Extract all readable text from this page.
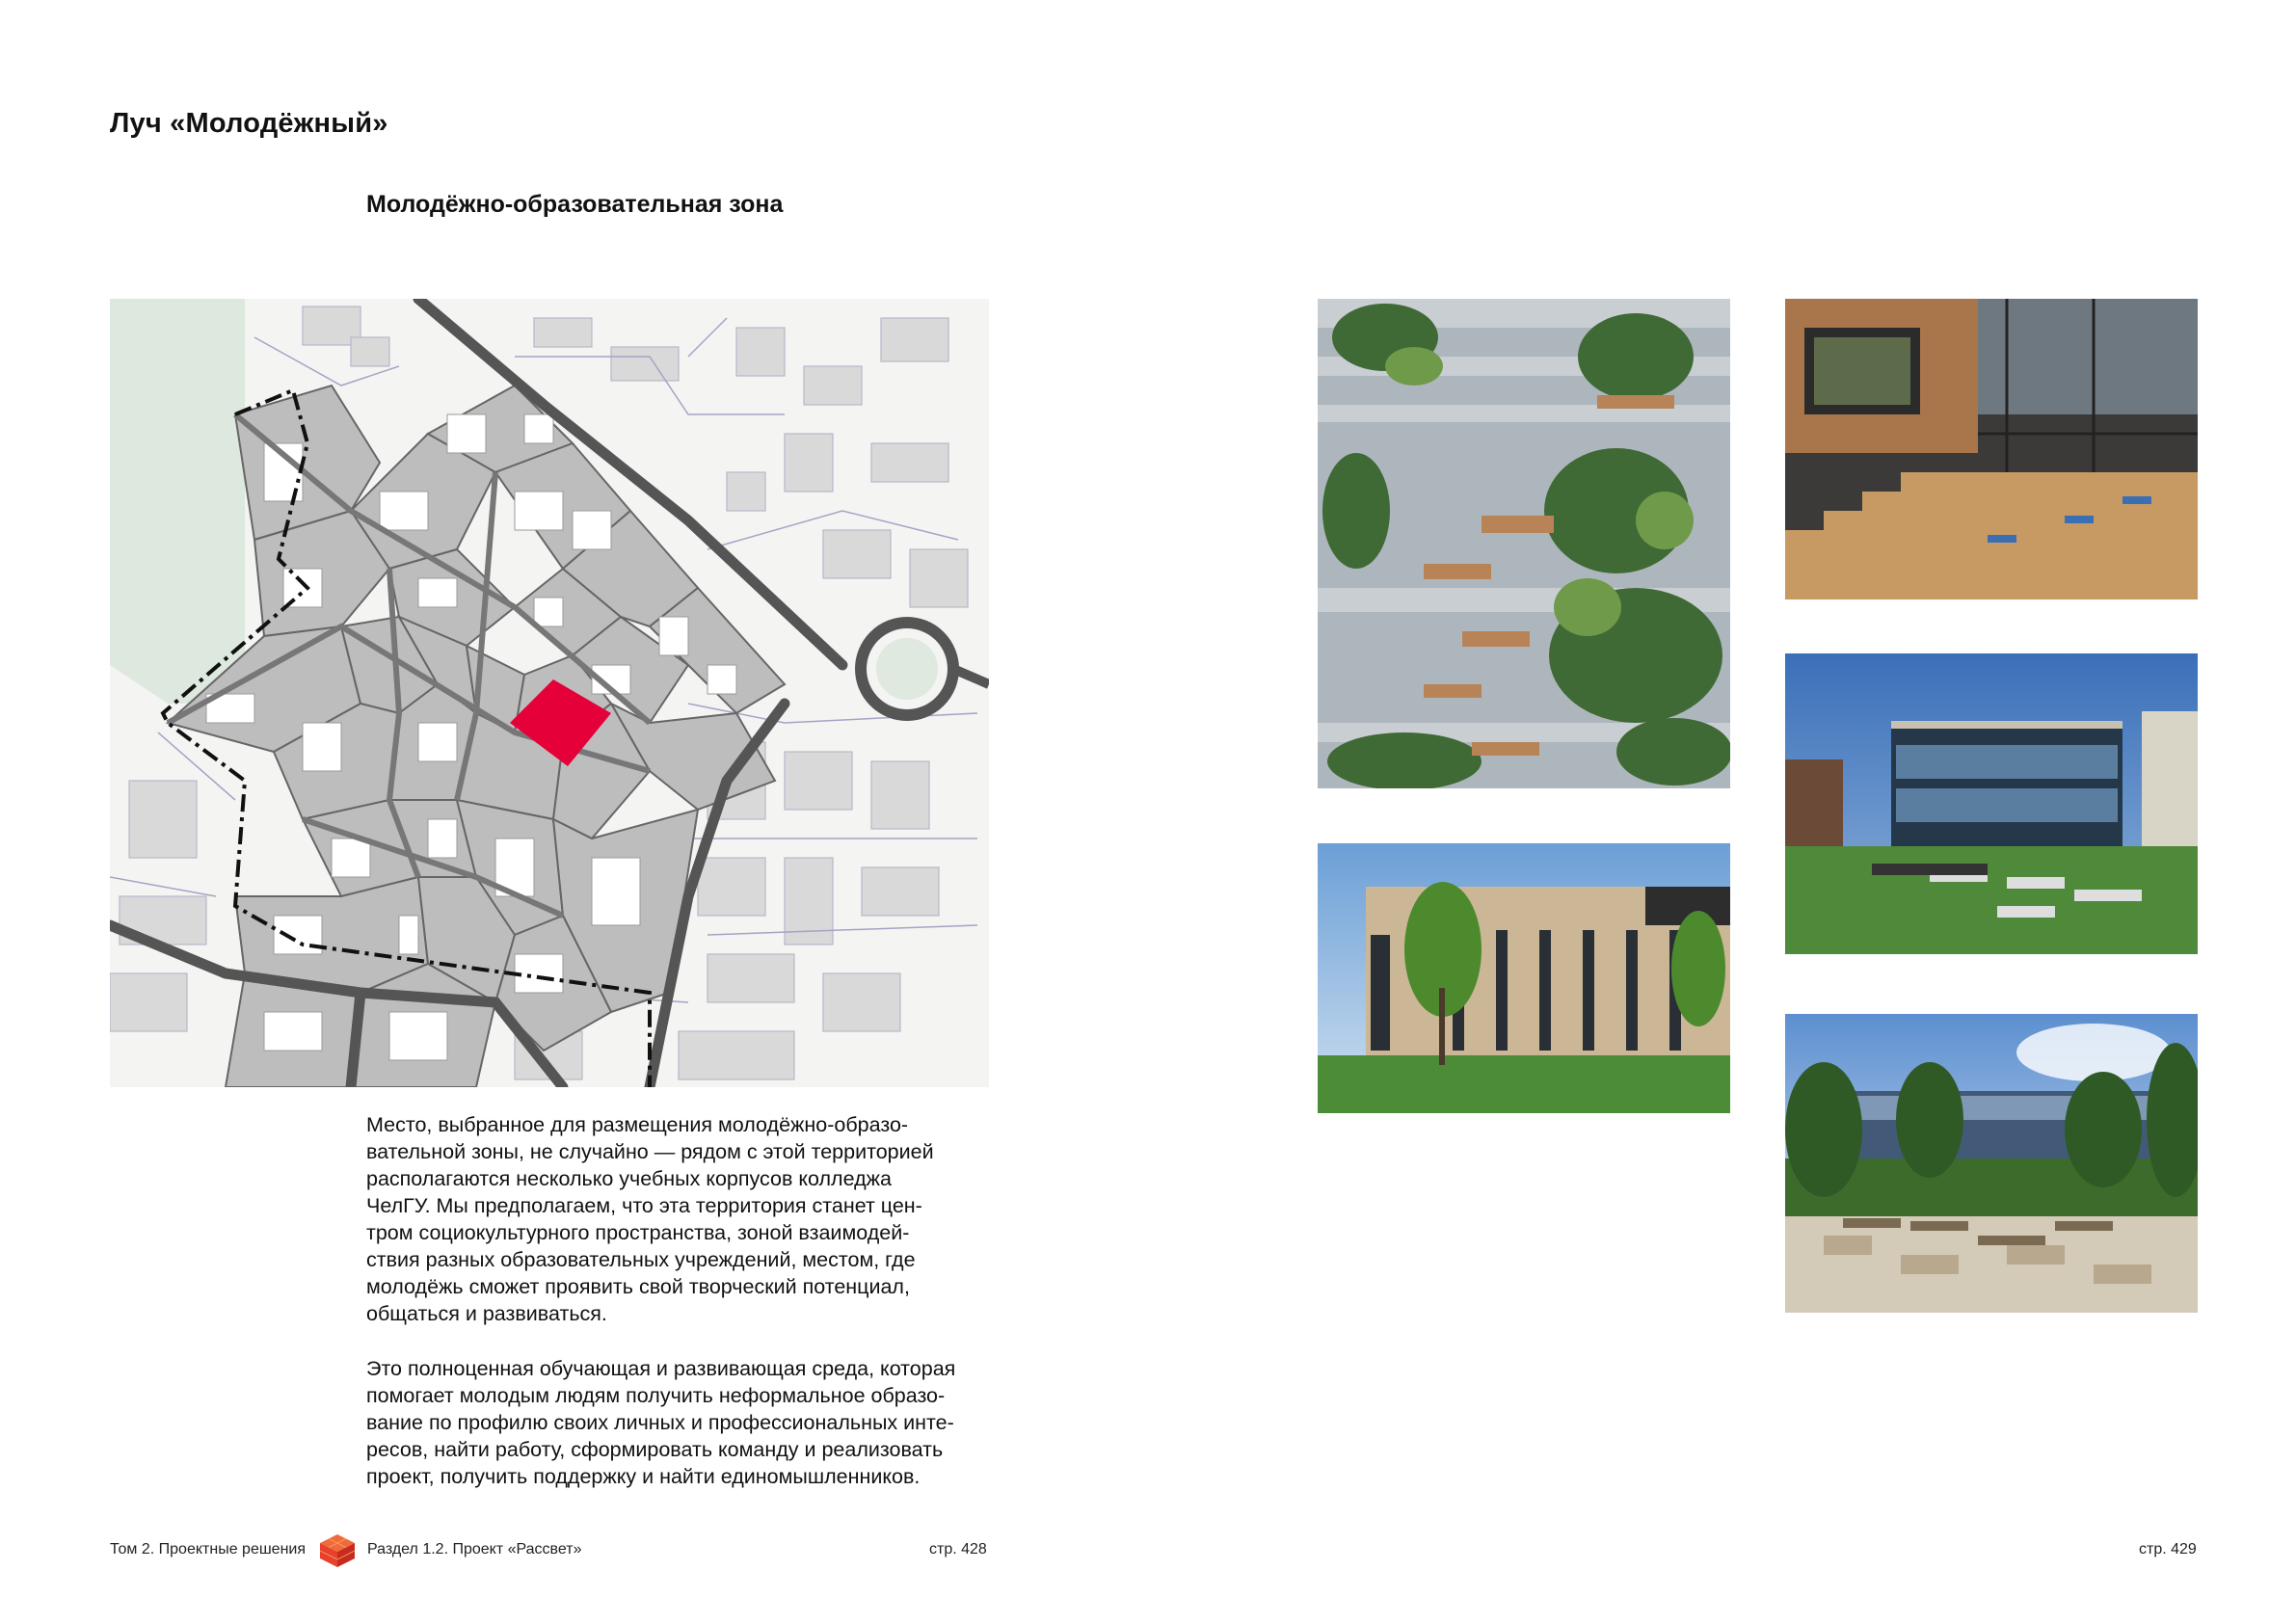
Луч «Молодёжный»
Молодёжно-образовательная зона
Место, выбранное для размещения молодёжно-образо-
вательной зоны, не случайно — рядом с этой территорией
располагаются несколько учебных корпусов колледжа
ЧелГУ. Мы предполагаем, что эта территория станет цен-
тром социокультурного пространства, зоной взаимодей-
ствия разных образовательных учреждений, местом, где
молодёжь сможет проявить свой творческий потенциал,
общаться и развиваться.
Это полноценная обучающая и развивающая среда, которая
помогает молодым людям получить неформальное образо-
вание по профилю своих личных и профессиональных инте-
ресов, найти работу, сформировать команду и реализовать
проект, получить поддержку и найти единомышленников.
Том 2. Проектные решения	Раздел 1.2. Проект «Рассвет»	стр. 428	стр. 429
